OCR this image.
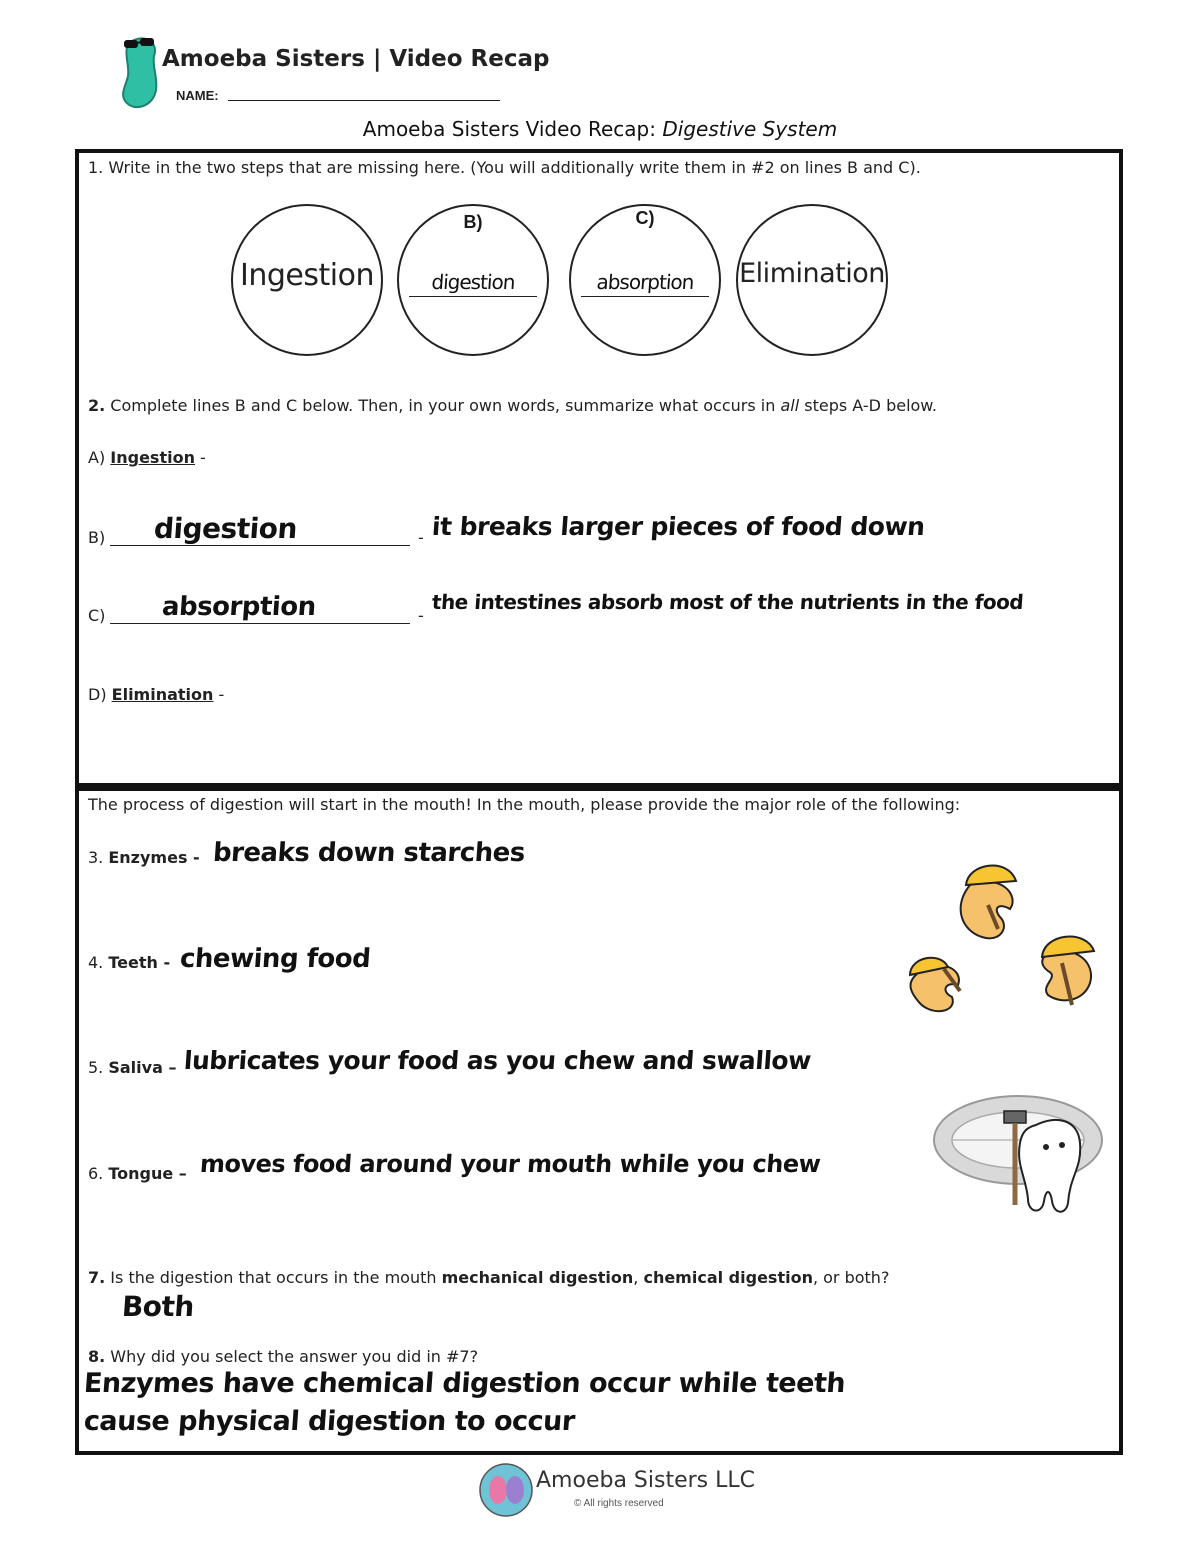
Amoeba Sisters | Video Recap
NAME:
Amoeba Sisters Video Recap: Digestive System
1. Write in the two steps that are missing here. (You will additionally write them in #2 on lines B and C).
Ingestion
B)
digestion
C)
absorption	Elimination
2. Complete lines B and C below. Then, in your own words, summarize what occurs in all steps A-D below.
A) Ingestion -
B) digestion	- it breaks larger pieces of food down
C) absorption	-
the intestines absorb most of the nutrients in the food
D) Elimination -
The process of digestion will start in the mouth! In the mouth, please provide the major role of the following:
3. Enzymes - breaks down starches
4. Teeth - chewing food
5. Saliva – lubricates your food as you chew and swallow
6. Tongue – moves food around your mouth while you chew
7. Is the digestion that occurs in the mouth mechanical digestion, chemical digestion, or both?
Both
8. Why did you select the answer you did in #7?
Enzymes have chemical digestion occur while teeth
cause physical digestion to occur
Amoeba Sisters LLC
© All rights reserved
